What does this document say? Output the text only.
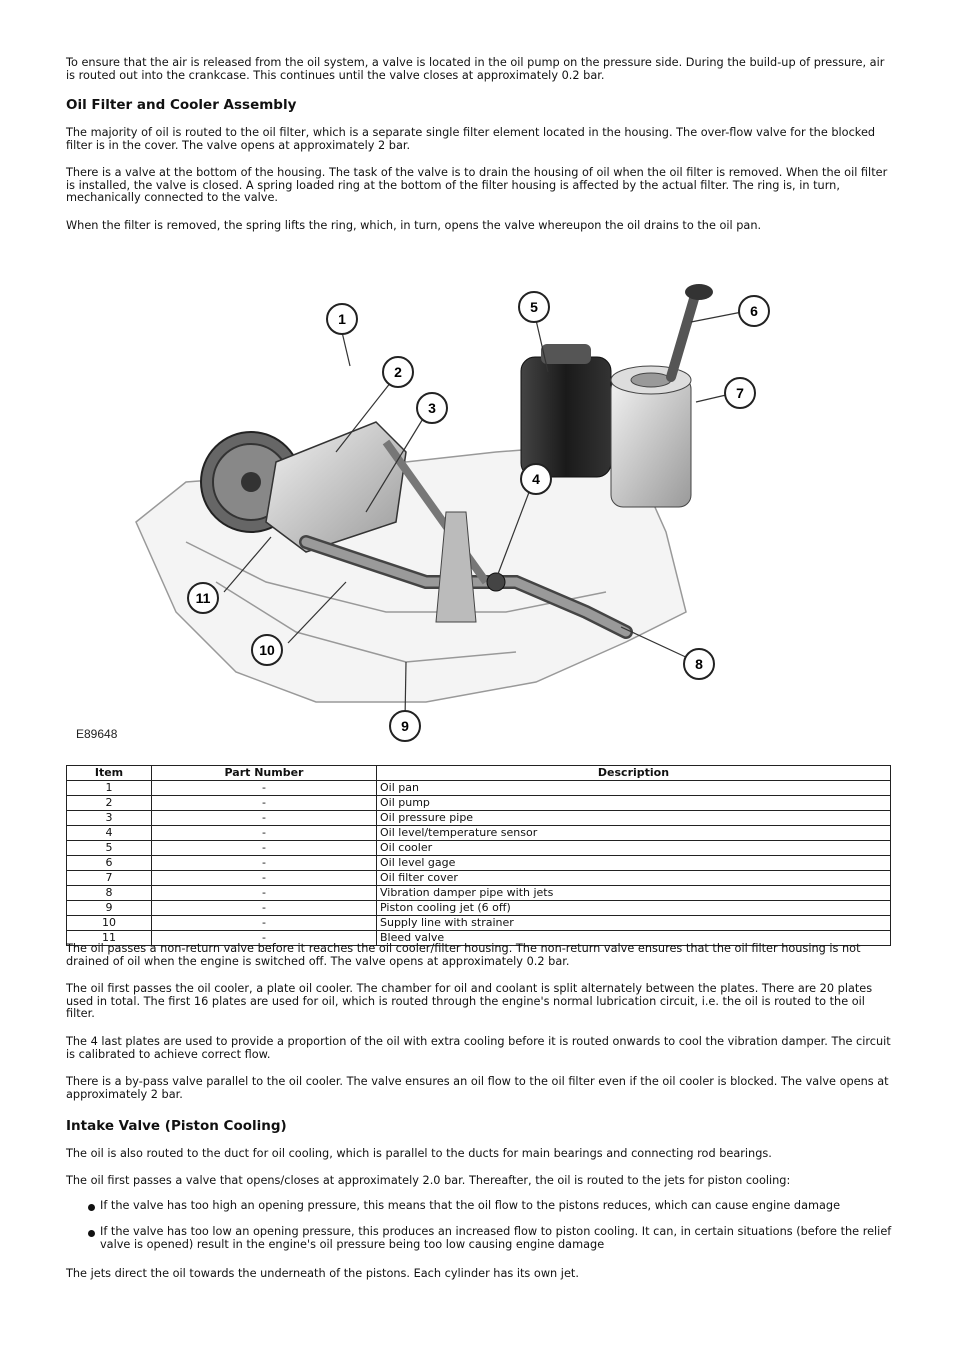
To ensure that the air is released from the oil system, a valve is located in the oil pump on the pressure side. During the build-up of pressure, air is routed out into the crankcase. This continues until the valve closes at approximately 0.2 bar.

Oil Filter and Cooler Assembly

The majority of oil is routed to the oil filter, which is a separate single filter element located in the housing. The over-flow valve for the blocked filter is in the cover. The valve opens at approximately 2 bar.

There is a valve at the bottom of the housing. The task of the valve is to drain the housing of oil when the oil filter is removed. When the oil filter is installed, the valve is closed. A spring loaded ring at the bottom of the filter housing is affected by the actual filter. The ring is, in turn, mechanically connected to the valve.

When the filter is removed, the spring lifts the ring, which, in turn, opens the valve whereupon the oil drains to the oil pan.

1
2
3
4
5	6
7
8
9
10
11
E89648
Item	Part Number	Description
1	-	Oil pan
2	-	Oil pump
3	-	Oil pressure pipe
4	-	Oil level/temperature sensor
5	-	Oil cooler
6	-	Oil level gage
7	-	Oil filter cover
8	-	Vibration damper pipe with jets
9	-	Piston cooling jet (6 off)
10	-	Supply line with strainer
11	-	Bleed valve

The oil passes a non-return valve before it reaches the oil cooler/filter housing. The non-return valve ensures that the oil filter housing is not drained of oil when the engine is switched off. The valve opens at approximately 0.2 bar.

The oil first passes the oil cooler, a plate oil cooler. The chamber for oil and coolant is split alternately between the plates. There are 20 plates used in total. The first 16 plates are used for oil, which is routed through the engine's normal lubrication circuit, i.e. the oil is routed to the oil filter.

The 4 last plates are used to provide a proportion of the oil with extra cooling before it is routed onwards to cool the vibration damper. The circuit is calibrated to achieve correct flow.

There is a by-pass valve parallel to the oil cooler. The valve ensures an oil flow to the oil filter even if the oil cooler is blocked. The valve opens at approximately 2 bar.

Intake Valve (Piston Cooling)

The oil is also routed to the duct for oil cooling, which is parallel to the ducts for main bearings and connecting rod bearings.

The oil first passes a valve that opens/closes at approximately 2.0 bar. Thereafter, the oil is routed to the jets for piston cooling:

If the valve has too high an opening pressure, this means that the oil flow to the pistons reduces, which can cause engine damage

If the valve has too low an opening pressure, this produces an increased flow to piston cooling. It can, in certain situations (before the relief valve is opened) result in the engine's oil pressure being too low causing engine damage

The jets direct the oil towards the underneath of the pistons. Each cylinder has its own jet.
